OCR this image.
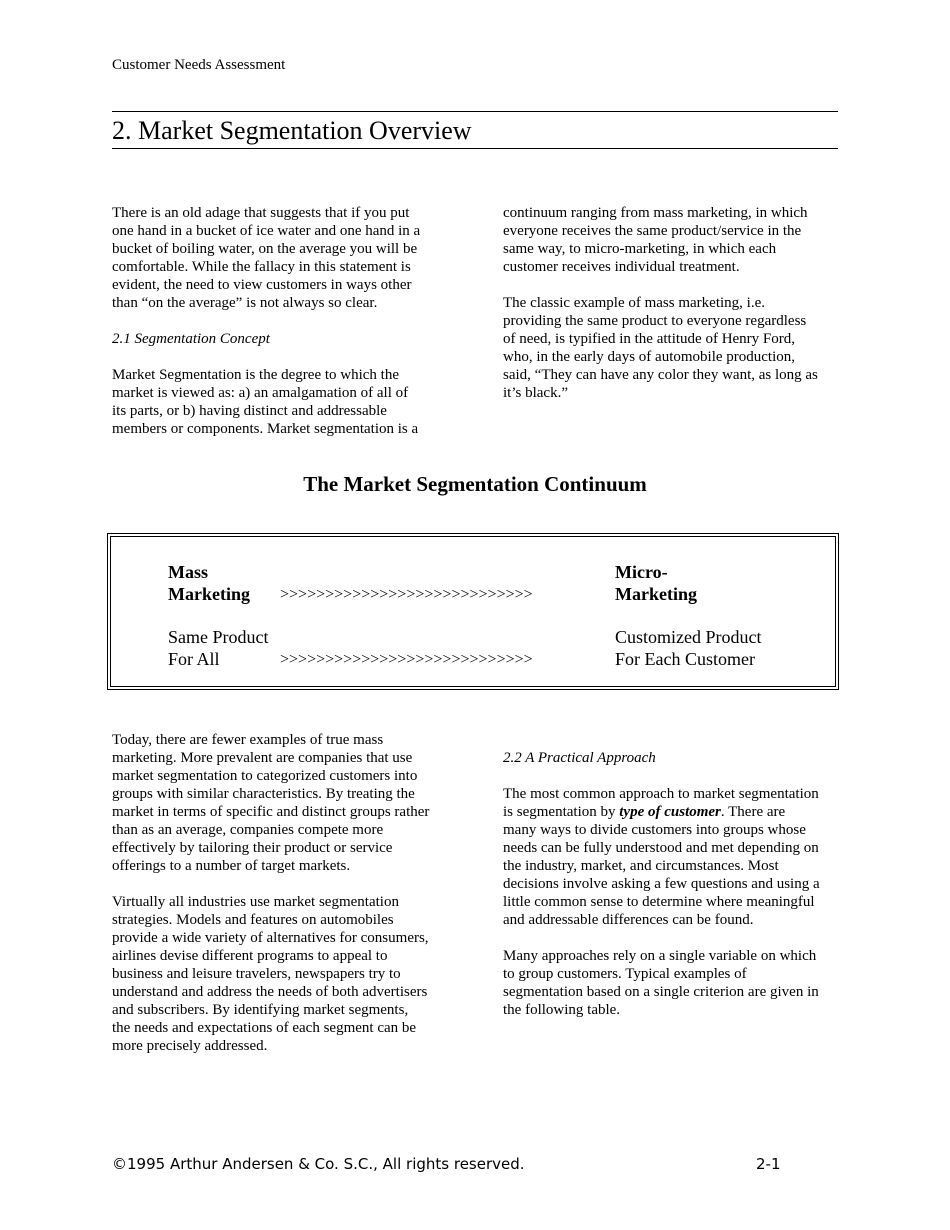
Customer Needs Assessment
2. Market Segmentation Overview

There is an old adage that suggests that if you put

one hand in a bucket of ice water and one hand in a

bucket of boiling water, on the average you will be

comfortable. While the fallacy in this statement is

evident, the need to view customers in ways other

than “on the average” is not always so clear.

2.1 Segmentation Concept

Market Segmentation is the degree to which the

market is viewed as: a) an amalgamation of all of

its parts, or b) having distinct and addressable

members or components. Market segmentation is a

continuum ranging from mass marketing, in which

everyone receives the same product/service in the

same way, to micro-marketing, in which each

customer receives individual treatment.

The classic example of mass marketing, i.e.

providing the same product to everyone regardless

of need, is typified in the attitude of Henry Ford,

who, in the early days of automobile production,

said, “They can have any color they want, as long as

it’s black.”

The Market Segmentation Continuum
Mass
Marketing >>>>>>>>>>>>>>>>>>>>>>>>>>>>
Micro-
Marketing
Same Product
For All	>>>>>>>>>>>>>>>>>>>>>>>>>>>>
Customized Product
For Each Customer

Today, there are fewer examples of true mass

marketing. More prevalent are companies that use

market segmentation to categorized customers into

groups with similar characteristics. By treating the

market in terms of specific and distinct groups rather

than as an average, companies compete more

effectively by tailoring their product or service

offerings to a number of target markets.

Virtually all industries use market segmentation

strategies. Models and features on automobiles

provide a wide variety of alternatives for consumers,

airlines devise different programs to appeal to

business and leisure travelers, newspapers try to

understand and address the needs of both advertisers

and subscribers. By identifying market segments,

the needs and expectations of each segment can be

more precisely addressed.

2.2 A Practical Approach

The most common approach to market segmentation

is segmentation by type of customer. There are

many ways to divide customers into groups whose

needs can be fully understood and met depending on

the industry, market, and circumstances. Most

decisions involve asking a few questions and using a

little common sense to determine where meaningful

and addressable differences can be found.

Many approaches rely on a single variable on which

to group customers. Typical examples of

segmentation based on a single criterion are given in

the following table.

©1995 Arthur Andersen & Co. S.C., All rights reserved.	2-1
